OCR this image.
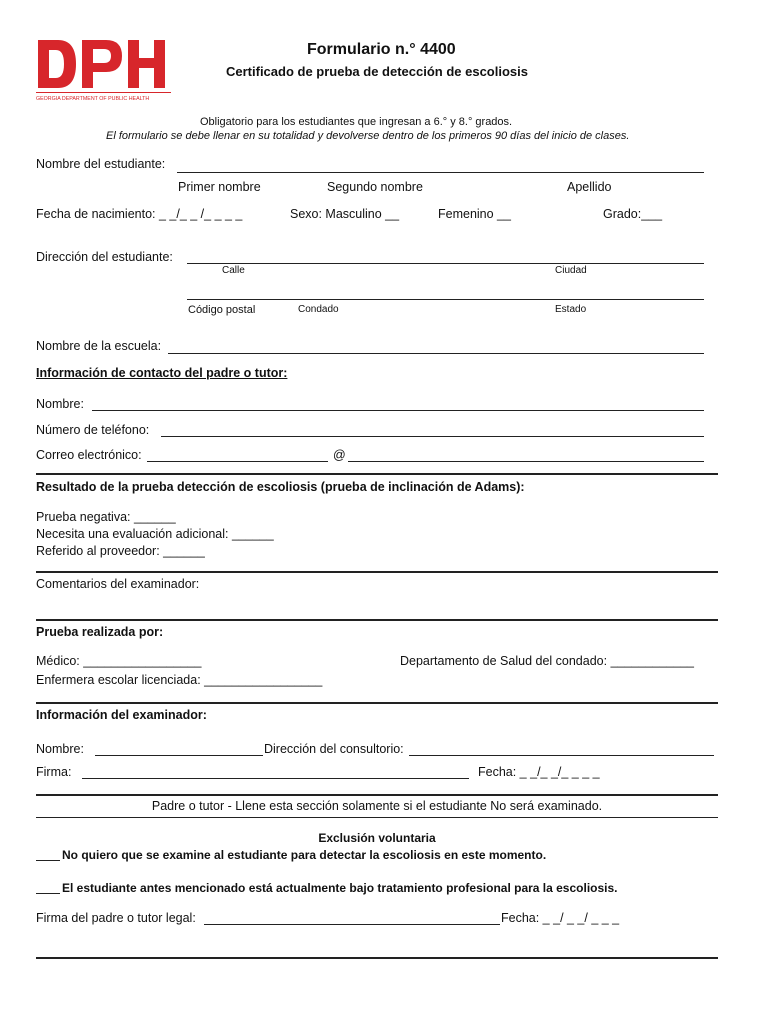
GEORGIA DEPARTMENT OF PUBLIC HEALTH
Formulario n.° 4400
Certificado de prueba de detección de escoliosis
Obligatorio para los estudiantes que ingresan a 6.° y 8.° grados.
El formulario se debe llenar en su totalidad y devolverse dentro de los primeros 90 días del inicio de clases.
Nombre del estudiante:
Primer nombre	Segundo nombre	Apellido
Fecha de nacimiento: _ _/_ _ /_ _ _ _	Sexo: Masculino __	Femenino __	Grado:___
Dirección del estudiante:
Calle	Ciudad
Código postal	Condado	Estado
Nombre de la escuela:
Información de contacto del padre o tutor:
Nombre:
Número de teléfono:
Correo electrónico:	@
Resultado de la prueba detección de escoliosis (prueba de inclinación de Adams):
Prueba negativa: ______
Necesita una evaluación adicional: ______
Referido al proveedor: ______
Comentarios del examinador:
Prueba realizada por:
Médico: _________________	Departamento de Salud del condado: ____________
Enfermera escolar licenciada: _________________
Información del examinador:
Nombre:	Dirección del consultorio:
Firma:	Fecha: _ _/_ _/_ _ _ _
Padre o tutor - Llene esta sección solamente si el estudiante No será examinado.
Exclusión voluntaria
No quiero que se examine al estudiante para detectar la escoliosis en este momento.
El estudiante antes mencionado está actualmente bajo tratamiento profesional para la escoliosis.
Firma del padre o tutor legal:	Fecha: _ _/ _ _/ _ _ _
